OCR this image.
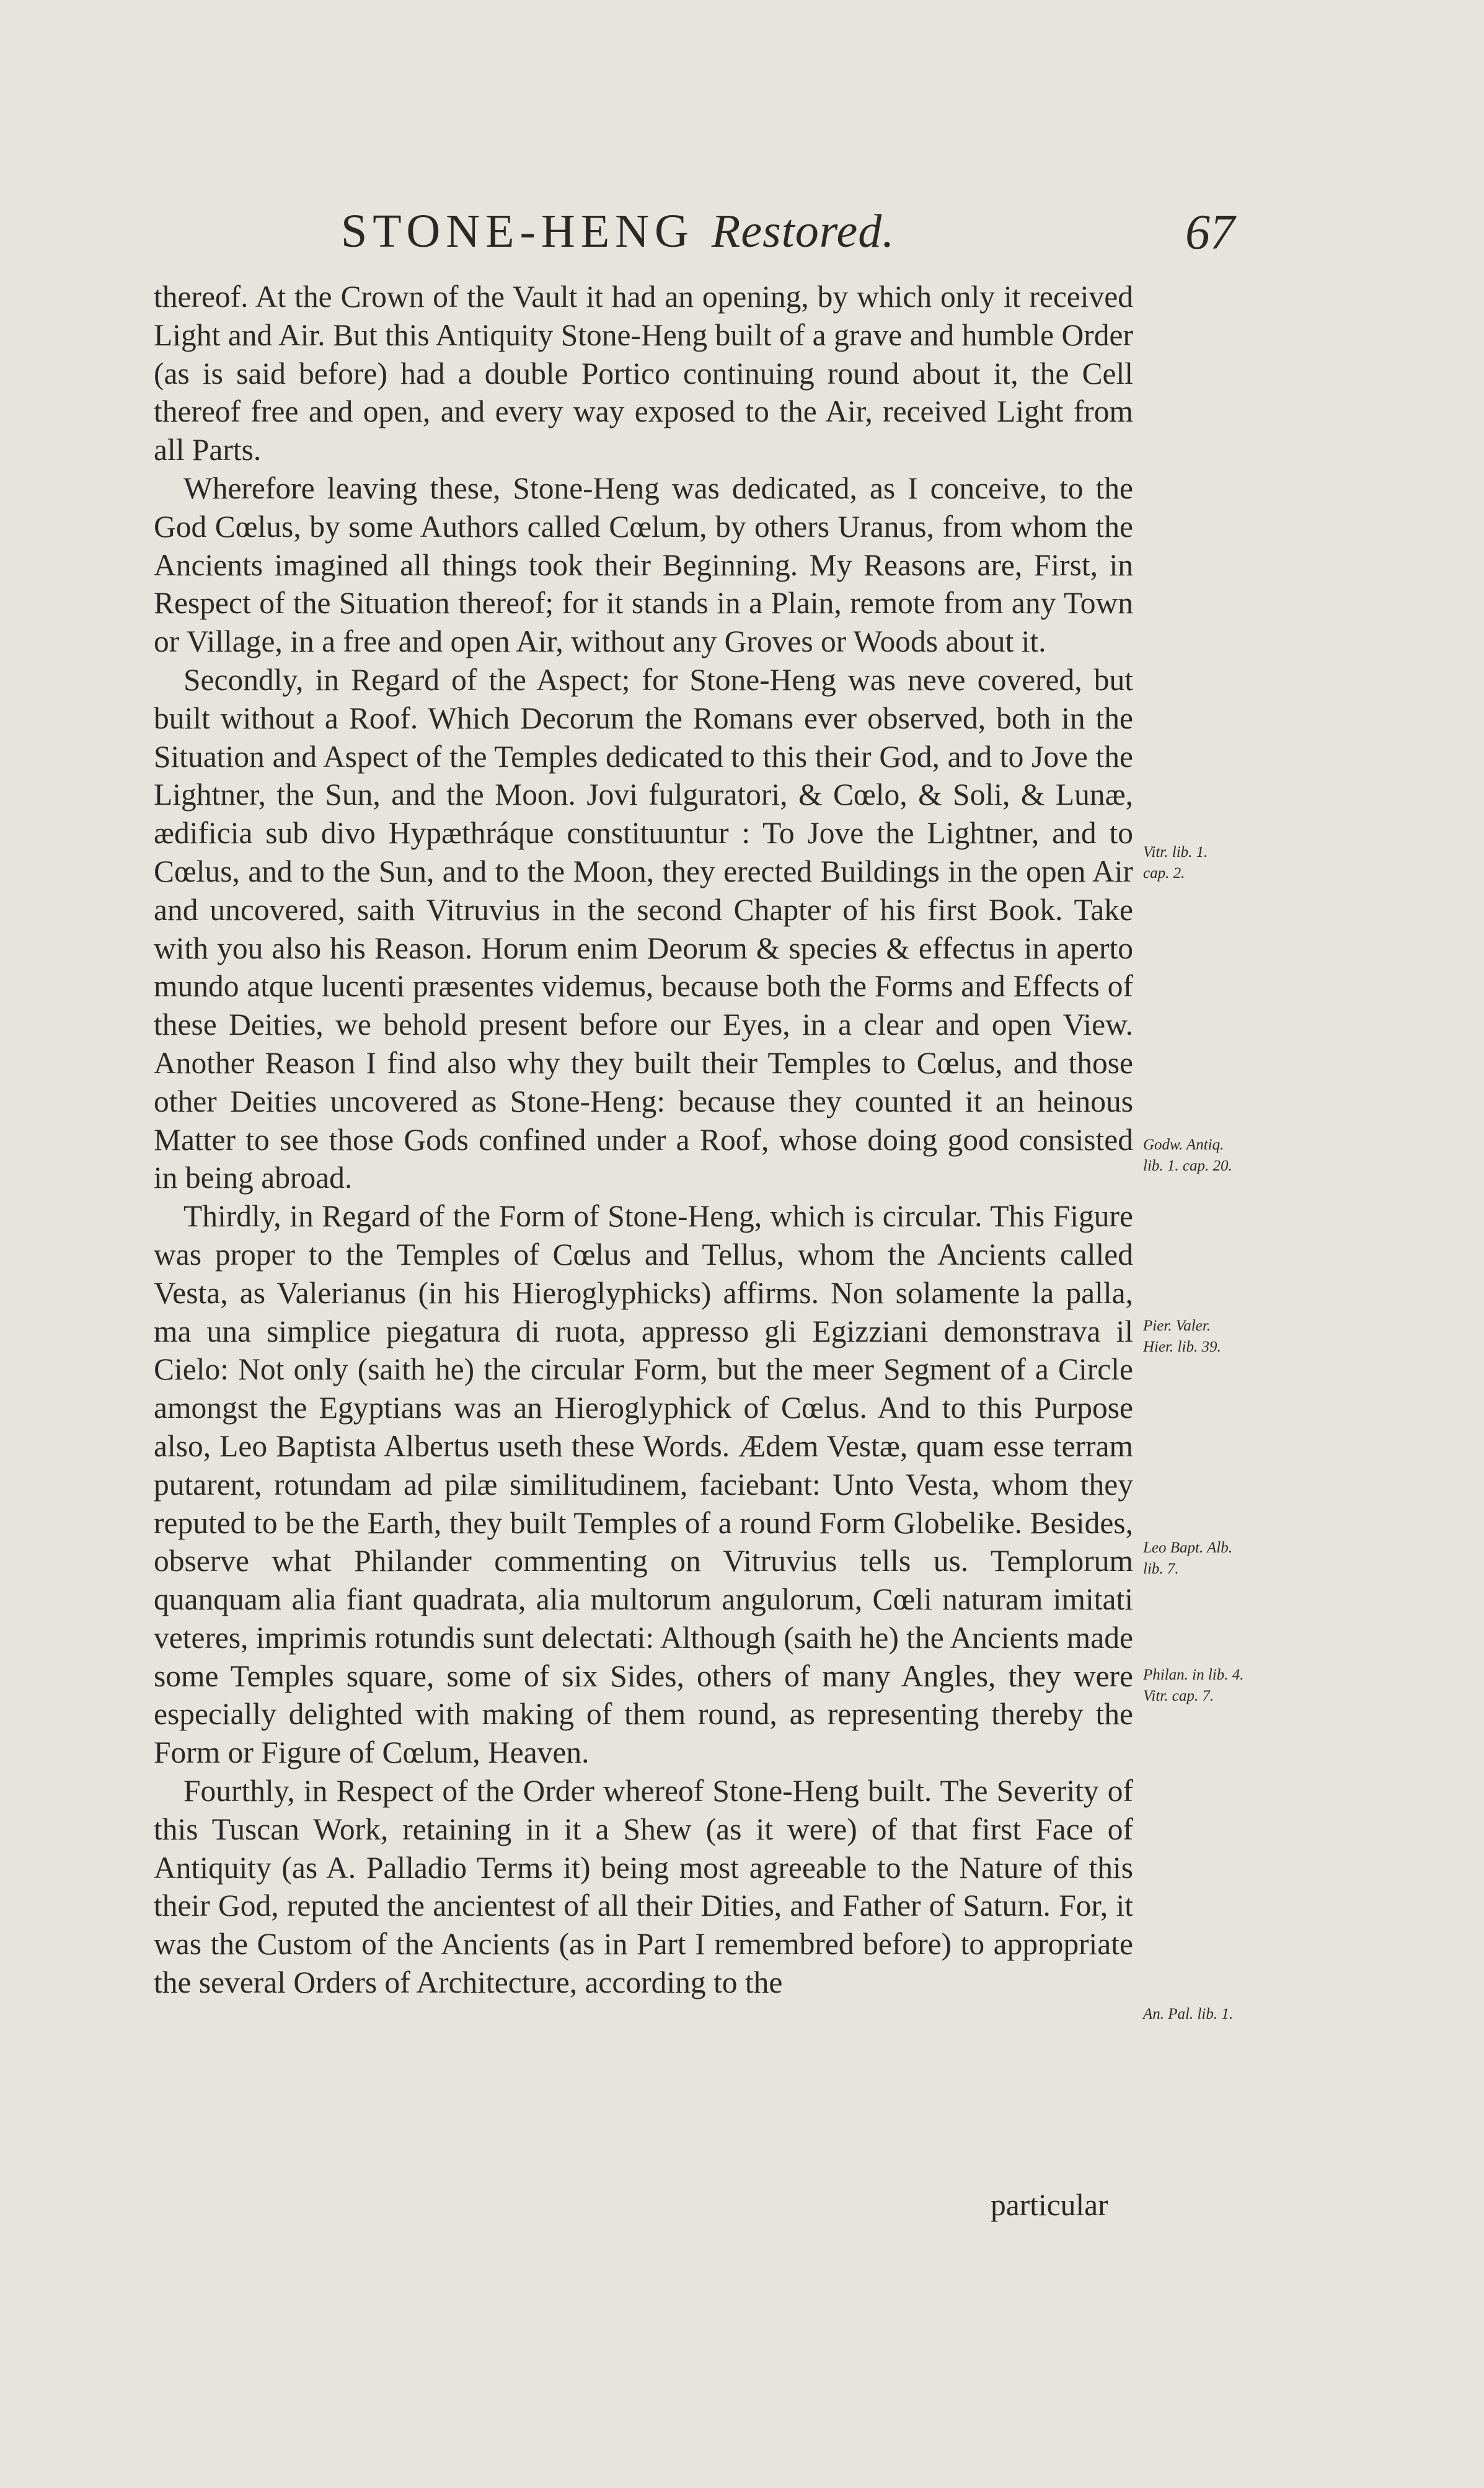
STONE-HENG Restored.	67

thereof. At the Crown of the Vault it had an opening, by which only it received Light and Air. But this Antiquity Stone-Heng built of a grave and humble Order (as is said before) had a double Portico continuing round about it, the Cell thereof free and open, and every way exposed to the Air, received Light from all Parts.

Wherefore leaving these, Stone-Heng was dedicated, as I conceive, to the God Cœlus, by some Authors called Cœlum, by others Uranus, from whom the Ancients imagined all things took their Beginning. My Reasons are, First, in Respect of the Situation thereof; for it stands in a Plain, remote from any Town or Village, in a free and open Air, without any Groves or Woods about it.

Secondly, in Regard of the Aspect; for Stone-Heng was neve covered, but built without a Roof. Which Decorum the Romans ever observed, both in the Situation and Aspect of the Temples dedicated to this their God, and to Jove the Lightner, the Sun, and the Moon. Jovi fulguratori, & Cœlo, & Soli, & Lunæ, ædificia sub divo Hypæthráque constituuntur : To Jove the Lightner, and to Cœlus, and to the Sun, and to the Moon, they erected Buildings in the open Air and uncovered, saith Vitruvius in the second Chapter of his first Book. Take with you also his Reason. Horum enim Deorum & species & effectus in aperto mundo atque lucenti præsentes videmus, because both the Forms and Effects of these Deities, we behold present before our Eyes, in a clear and open View. Another Reason I find also why they built their Temples to Cœlus, and those other Deities uncovered as Stone-Heng: because they counted it an heinous Matter to see those Gods confined under a Roof, whose doing good consisted in being abroad.

Thirdly, in Regard of the Form of Stone-Heng, which is circular. This Figure was proper to the Temples of Cœlus and Tellus, whom the Ancients called Vesta, as Valerianus (in his Hieroglyphicks) affirms. Non solamente la palla, ma una simplice piegatura di ruota, appresso gli Egizziani demonstrava il Cielo: Not only (saith he) the circular Form, but the meer Segment of a Circle amongst the Egyptians was an Hieroglyphick of Cœlus. And to this Purpose also, Leo Baptista Albertus useth these Words. Ædem Vestæ, quam esse terram putarent, rotundam ad pilæ similitudinem, faciebant: Unto Vesta, whom they reputed to be the Earth, they built Temples of a round Form Globelike. Besides, observe what Philander commenting on Vitruvius tells us. Templorum quanquam alia fiant quadrata, alia multorum angulorum, Cœli naturam imitati veteres, imprimis rotundis sunt delectati: Although (saith he) the Ancients made some Temples square, some of six Sides, others of many Angles, they were especially delighted with making of them round, as representing thereby the Form or Figure of Cœlum, Heaven.

Fourthly, in Respect of the Order whereof Stone-Heng built. The Severity of this Tuscan Work, retaining in it a Shew (as it were) of that first Face of Antiquity (as A. Palladio Terms it) being most agreeable to the Nature of this their God, reputed the ancientest of all their Dities, and Father of Saturn. For, it was the Custom of the Ancients (as in Part I remembred before) to appropriate the several Orders of Architecture, according to the

particular
Vitr. lib. 1.
cap. 2.
Godw. Antiq.
lib. 1. cap. 20.
Pier. Valer.
Hier. lib. 39.
Leo Bapt. Alb.
lib. 7.
Philan. in lib. 4.
Vitr. cap. 7.
An. Pal. lib. 1.
